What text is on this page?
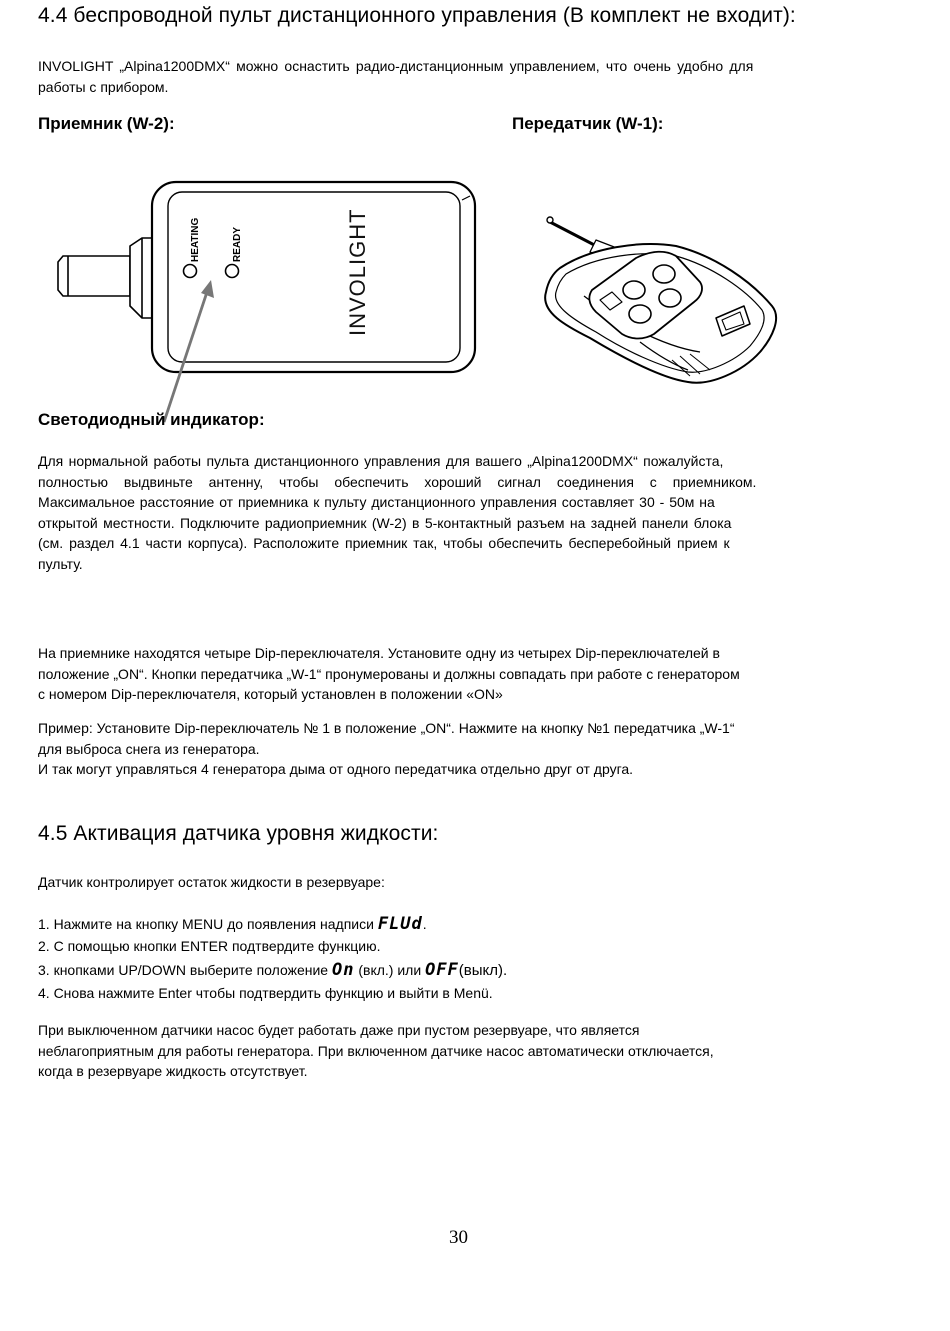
4.4 беспроводной пульт дистанционного управления (В комплект не входит):
INVOLIGHT „Alpina1200DMX“ можно оснастить радио-дистанционным управлением, что очень удобно для
работы с прибором.
Приемник (W-2):	Передатчик (W-1):
HEATING	READY	INVOLIGHT
Светодиодный индикатор:
Для нормальной работы пульта дистанционного управления для вашего „Alpina1200DMX“ пожалуйста,
полностью выдвиньте антенну, чтобы обеспечить хороший сигнал соединения с приемником.
Максимальное расстояние от приемника к пульту дистанционного управления составляет 30 - 50м на
открытой местности. Подключите радиоприемник (W-2) в 5-контактный разъем на задней панели блока
(см. раздел 4.1 части корпуса). Расположите приемник так, чтобы обеспечить бесперебойный прием к
пульту.
На приемнике находятся четыре Dip-переключателя. Установите одну из четырех Dip-переключателей в
положение „ON“. Кнопки передатчика „W-1“ пронумерованы и должны совпадать при работе с генератором
с номером Dip-переключателя, который установлен в положении «ON»
Пример: Установите Dip-переключатель № 1 в положение „ON“. Нажмите на кнопку №1 передатчика „W-1“
для выброса снега из генератора.
И так могут управляться 4 генератора дыма от одного передатчика отдельно друг от друга.
4.5 Активация датчика уровня жидкости:
Датчик контролирует остаток жидкости в резервуаре:
1. Нажмите на кнопку MENU до появления надписи FLUd.
2. С помощью кнопки ENTER подтвердите функцию.
3. кнопками UP/DOWN выберите положение On (вкл.) или OFF(выкл).
4. Снова нажмите Enter чтобы подтвердить функцию и выйти в Menü.
При выключенном датчики насос будет работать даже при пустом резервуаре, что является
неблагоприятным для работы генератора. При включенном датчике насос автоматически отключается,
когда в резервуаре жидкость отсутствует.
30
